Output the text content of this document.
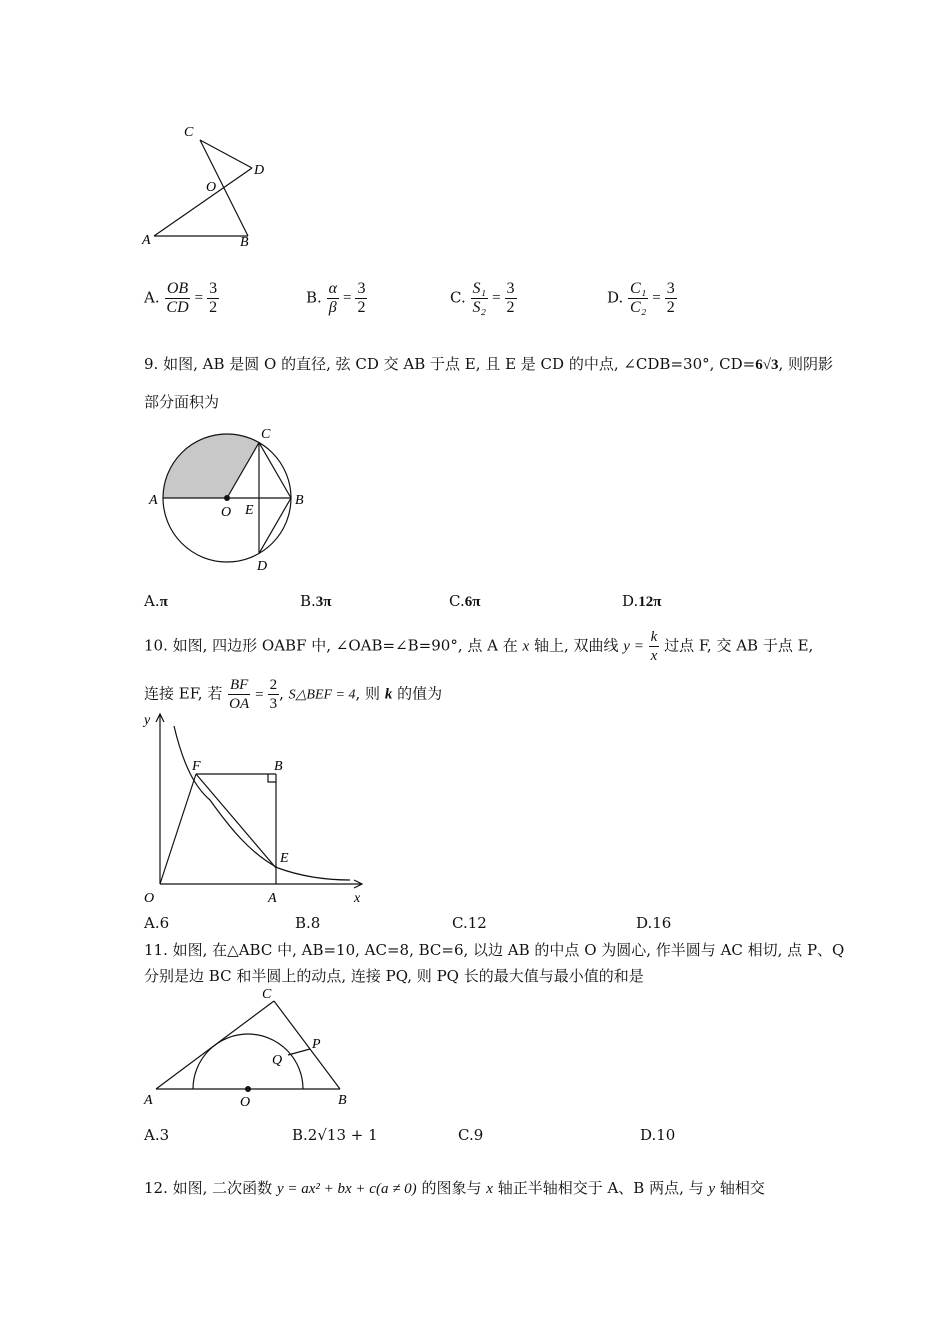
C
D
O
A	B
A. $\frac{OB}{CD} = \frac{3}{2}$	B. $\frac{\alpha}{\beta} = \frac{3}{2}$	C. $\frac{\text{S₁}}{\text{S₂}} = \frac{3}{2}$	D. $\frac{\text{C₁}}{\text{C₂}} = \frac{3}{2}$
9. 如图, AB 是圆 O 的直径, 弦 CD 交 AB 于点 E, 且 E 是 CD 的中点, ∠CDB=30°, CD=6√3, 则阴影
部分面积为
A
O E
B
C
D
A.π	B.3π	C.6π	D.12π
10. 如图, 四边形 OABF 中, ∠OAB=∠B=90°, 点 A 在 x 轴上, 双曲线 $y = \frac{k}{x}$ 过点 F, 交 AB 于点 E,
连接 EF, 若 $\frac{BF}{OA} = \frac{2}{3}$ , S△BEF = 4, 则 k 的值为
y
x
O	A
F	B
E
A.6	B.8	C.12	D.16
11. 如图, 在△ABC 中, AB=10, AC=8, BC=6, 以边 AB 的中点 O 为圆心, 作半圆与 AC 相切, 点 P、Q
分别是边 BC 和半圆上的动点, 连接 PQ, 则 PQ 长的最大值与最小值的和是
C
Q
P
A	O	B
A.3	B.2√13 + 1	C.9	D.10
12. 如图, 二次函数 y = ax² + bx + c(a ≠ 0) 的图象与 x 轴正半轴相交于 A、B 两点, 与 y 轴相交
